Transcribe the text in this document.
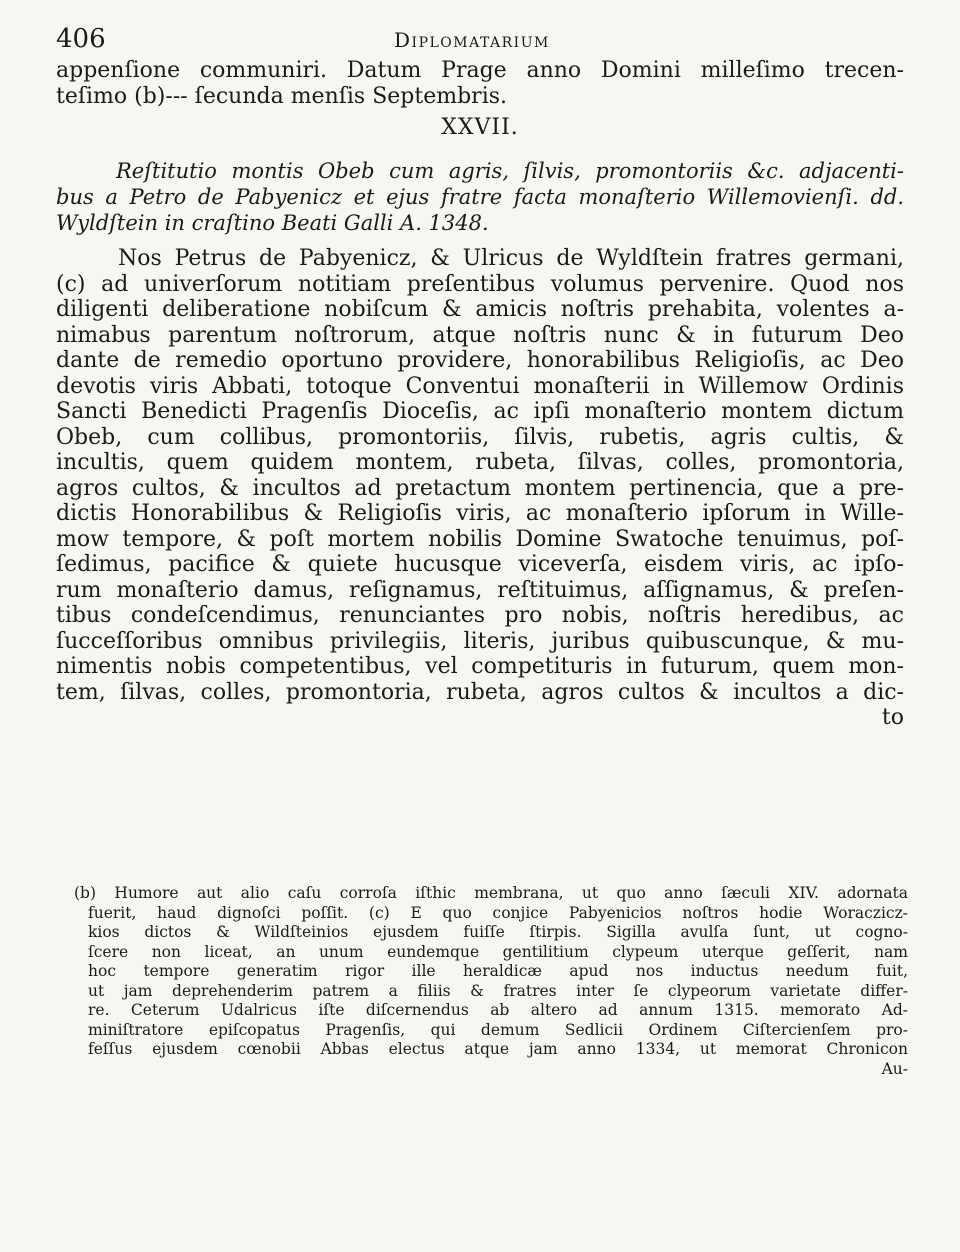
406	Diplomatarium
appenſione communiri. Datum Prage anno Domini milleſimo trecen-
teſimo (b)--- ſecunda menſis Septembris.
XXVII.
Reſtitutio montis Obeb cum agris, ſilvis, promontoriis &c. adjacenti-
bus a Petro de Pabyenicz et ejus fratre facta monaſterio Willemovienſi. dd.
Wyldſtein in craſtino Beati Galli A. 1348.
Nos Petrus de Pabyenicz, & Ulricus de Wyldſtein fratres germani,
(c) ad univerſorum notitiam preſentibus volumus pervenire. Quod nos
diligenti deliberatione nobiſcum & amicis noſtris prehabita, volentes a-
nimabus parentum noſtrorum, atque noſtris nunc & in futurum Deo
dante de remedio oportuno providere, honorabilibus Religioſis, ac Deo
devotis viris Abbati, totoque Conventui monaſterii in Willemow Ordinis
Sancti Benedicti Pragenſis Dioceſis, ac ipſi monaſterio montem dictum
Obeb, cum collibus, promontoriis, ſilvis, rubetis, agris cultis, &
incultis, quem quidem montem, rubeta, ſilvas, colles, promontoria,
agros cultos, & incultos ad pretactum montem pertinencia, que a pre-
dictis Honorabilibus & Religioſis viris, ac monaſterio ipſorum in Wille-
mow tempore, & poſt mortem nobilis Domine Swatoche tenuimus, poſ-
ſedimus, pacifice & quiete hucusque viceverſa, eisdem viris, ac ipſo-
rum monaſterio damus, reſignamus, reſtituimus, aſſignamus, & preſen-
tibus condeſcendimus, renunciantes pro nobis, noſtris heredibus, ac
ſucceſſoribus omnibus privilegiis, literis, juribus quibuscunque, & mu-
nimentis nobis competentibus, vel competituris in futurum, quem mon-
tem, ſilvas, colles, promontoria, rubeta, agros cultos & incultos a dic-
to
(b) Humore aut alio caſu corroſa iſthic membrana, ut quo anno ſæculi XIV. adornata
fuerit, haud dignoſci poſſit. (c) E quo conjice Pabyenicios noſtros hodie Woraczicz-
kios dictos & Wildſteinios ejusdem fuiſſe ſtirpis. Sigilla avulſa ſunt, ut cogno-
ſcere non liceat, an unum eundemque gentilitium clypeum uterque geſſerit, nam
hoc tempore generatim rigor ille heraldicæ apud nos inductus needum fuit,
ut jam deprehenderim patrem a filiis & fratres inter ſe clypeorum varietate differ-
re. Ceterum Udalricus iſte diſcernendus ab altero ad annum 1315. memorato Ad-
miniſtratore epiſcopatus Pragenſis, qui demum Sedlicii Ordinem Ciſtercienſem pro-
feſſus ejusdem cœnobii Abbas electus atque jam anno 1334, ut memorat Chronicon
Au-
